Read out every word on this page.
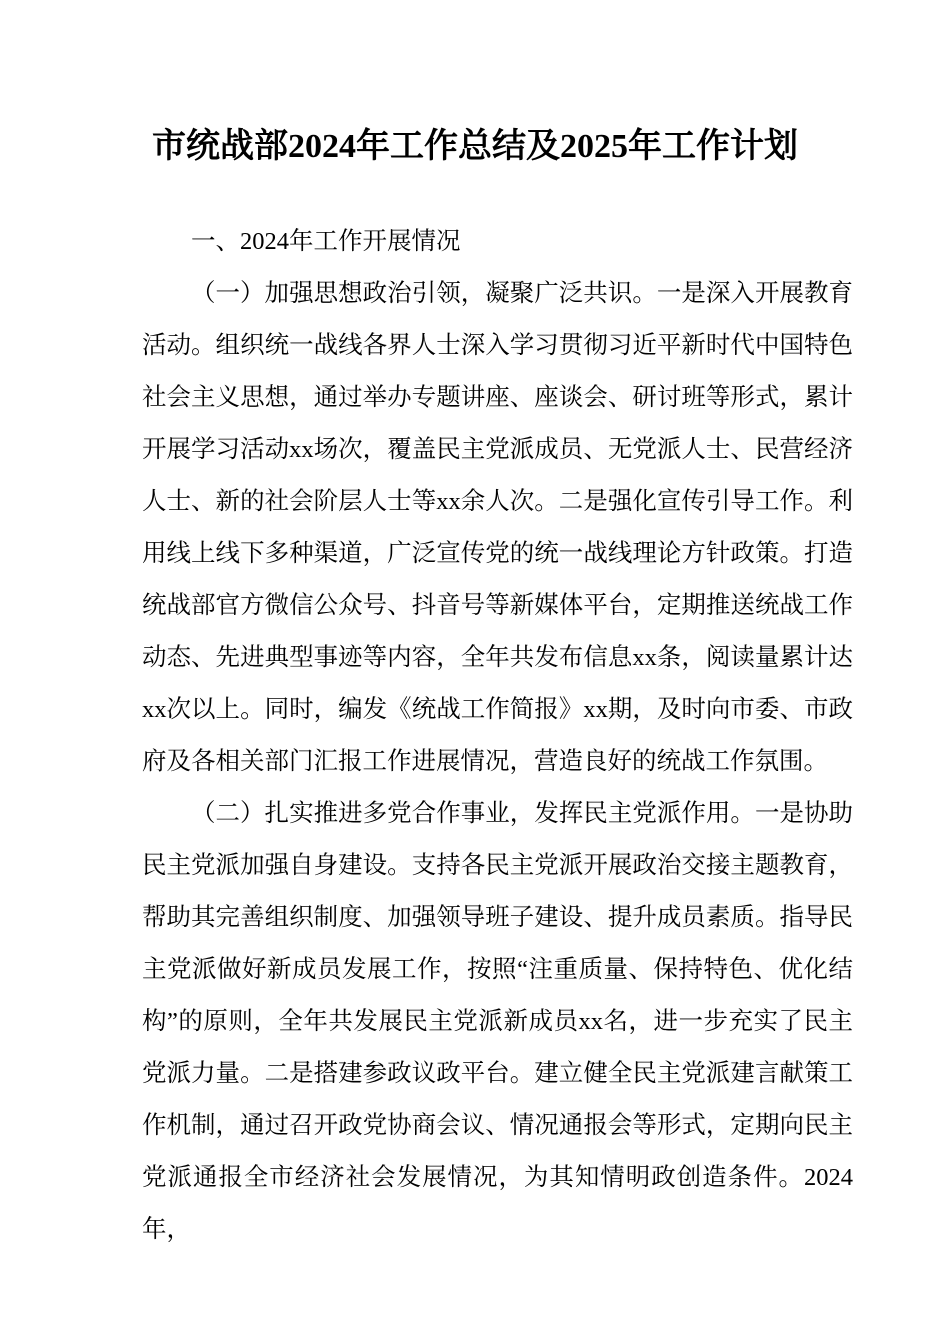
市统战部2024年工作总结及2025年工作计划

一、2024年工作开展情况

（一）加强思想政治引领，凝聚广泛共识。一是深入开展教育活动。组织统一战线各界人士深入学习贯彻习近平新时代中国特色社会主义思想，通过举办专题讲座、座谈会、研讨班等形式，累计开展学习活动xx场次，覆盖民主党派成员、无党派人士、民营经济人士、新的社会阶层人士等xx余人次。二是强化宣传引导工作。利用线上线下多种渠道，广泛宣传党的统一战线理论方针政策。打造统战部官方微信公众号、抖音号等新媒体平台，定期推送统战工作动态、先进典型事迹等内容，全年共发布信息xx条，阅读量累计达xx次以上。同时，编发《统战工作简报》xx期，及时向市委、市政府及各相关部门汇报工作进展情况，营造良好的统战工作氛围。

（二）扎实推进多党合作事业，发挥民主党派作用。一是协助民主党派加强自身建设。支持各民主党派开展政治交接主题教育，帮助其完善组织制度、加强领导班子建设、提升成员素质。指导民主党派做好新成员发展工作，按照“注重质量、保持特色、优化结构”的原则，全年共发展民主党派新成员xx名，进一步充实了民主党派力量。二是搭建参政议政平台。建立健全民主党派建言献策工作机制，通过召开政党协商会议、情况通报会等形式，定期向民主党派通报全市经济社会发展情况，为其知情明政创造条件。2024年，
